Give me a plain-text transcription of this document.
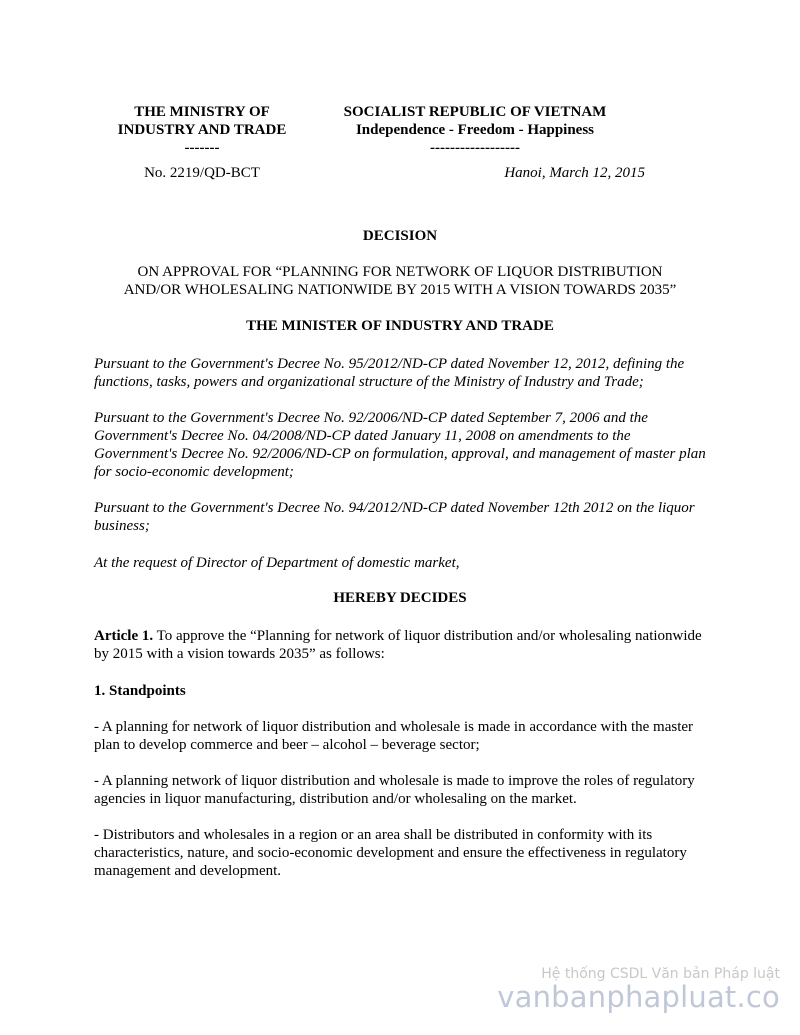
THE MINISTRY OF
INDUSTRY AND TRADE
-------
SOCIALIST REPUBLIC OF VIETNAM
Independence - Freedom - Happiness
------------------
No. 2219/QD-BCT	Hanoi, March 12, 2015
DECISION
ON APPROVAL FOR “PLANNING FOR NETWORK OF LIQUOR DISTRIBUTION
AND/OR WHOLESALING NATIONWIDE BY 2015 WITH A VISION TOWARDS 2035”
THE MINISTER OF INDUSTRY AND TRADE
Pursuant to the Government's Decree No. 95/2012/ND-CP dated November 12, 2012, defining the functions, tasks, powers and organizational structure of the Ministry of Industry and Trade;
Pursuant to the Government's Decree No. 92/2006/ND-CP dated September 7, 2006 and the Government's Decree No. 04/2008/ND-CP dated January 11, 2008 on amendments to the Government's Decree No. 92/2006/ND-CP on formulation, approval, and management of master plan for socio-economic development;
Pursuant to the Government's Decree No. 94/2012/ND-CP dated November 12th 2012 on the liquor business;
At the request of Director of Department of domestic market,
HEREBY DECIDES
Article 1. To approve the “Planning for network of liquor distribution and/or wholesaling nationwide by 2015 with a vision towards 2035” as follows:
1. Standpoints
- A planning for network of liquor distribution and wholesale is made in accordance with the master plan to develop commerce and beer – alcohol – beverage sector;
- A planning network of liquor distribution and wholesale is made to improve the roles of regulatory agencies in liquor manufacturing, distribution and/or wholesaling on the market.
- Distributors and wholesales in a region or an area shall be distributed in conformity with its characteristics, nature, and socio-economic development and ensure the effectiveness in regulatory management and development.
Hệ thống CSDL Văn bản Pháp luật
vanbanphapluat.co
